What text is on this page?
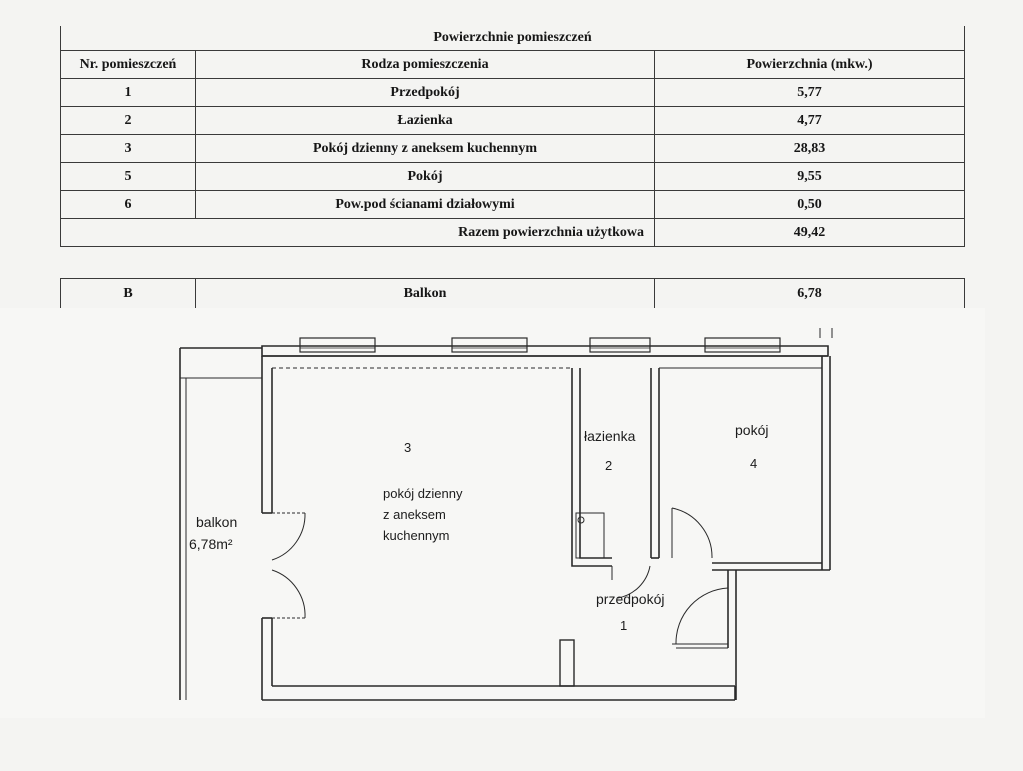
Powierzchnie pomieszczeń		
Nr. pomieszczeń	Rodza pomieszczenia	Powierzchnia (mkw.)
1	Przedpokój	5,77
2	Łazienka	4,77
3	Pokój dzienny z aneksem kuchennym	28,83
5	Pokój	9,55
6	Pow.pod ścianami działowymi	0,50
Razem powierzchnia użytkowa		49,42
B	Balkon	6,78
balkon
6,78m²
3
pokój dzienny
z aneksem
kuchennym
łazienka
2
pokój
4
przedpokój
1
